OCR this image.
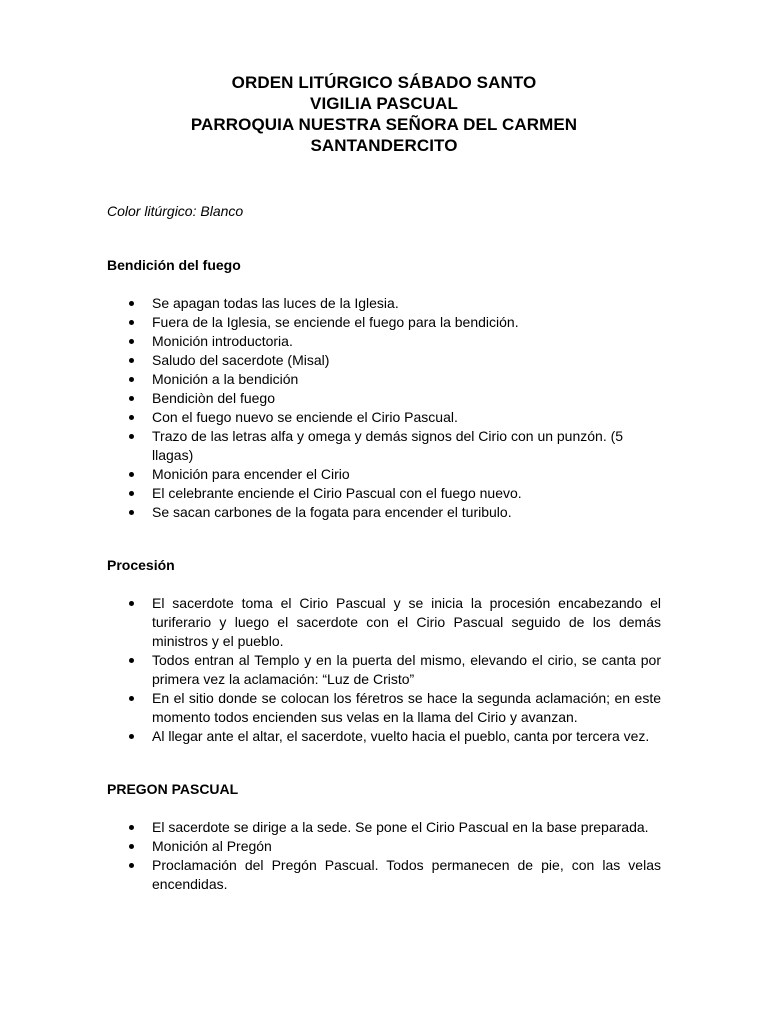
ORDEN LITÚRGICO SÁBADO SANTO
VIGILIA PASCUAL
PARROQUIA NUESTRA SEÑORA DEL CARMEN
SANTANDERCITO
Color litúrgico: Blanco
Bendición del fuego
Se apagan todas las luces de la Iglesia.
Fuera de la Iglesia, se enciende el fuego para la bendición.
Monición introductoria.
Saludo del sacerdote (Misal)
Monición a la bendición
Bendiciòn del fuego
Con el fuego nuevo se enciende el Cirio Pascual.
Trazo de las letras alfa y omega y demás signos del Cirio con un punzón. (5 llagas)
Monición para encender el Cirio
El celebrante enciende el Cirio Pascual con el fuego nuevo.
Se sacan carbones de la fogata para encender el turibulo.
Procesión
El sacerdote toma el Cirio Pascual y se inicia la procesión encabezando el turiferario y luego el sacerdote con el Cirio Pascual seguido de los demás ministros y el pueblo.
Todos entran al Templo y en la puerta del mismo, elevando el cirio, se canta por primera vez la aclamación: “Luz de Cristo”
En el sitio donde se colocan los féretros se hace la segunda aclamación; en este momento todos encienden sus velas en la llama del Cirio y avanzan.
Al llegar ante el altar, el sacerdote, vuelto hacia el pueblo, canta por tercera vez.
PREGON PASCUAL
El sacerdote se dirige a la sede. Se pone el Cirio Pascual en la base preparada.
Monición al Pregón
Proclamación del Pregón Pascual. Todos permanecen de pie, con las velas encendidas.
